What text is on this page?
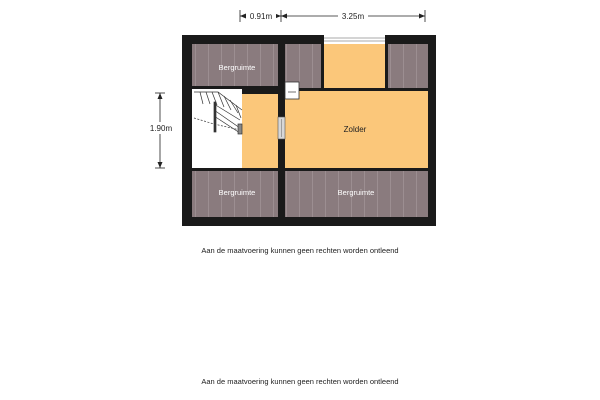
Bergruimte
Zolder
Bergruimte	Bergruimte
0.91m	3.25m
1.90m
Aan de maatvoering kunnen geen rechten worden ontleend
Aan de maatvoering kunnen geen rechten worden ontleend
